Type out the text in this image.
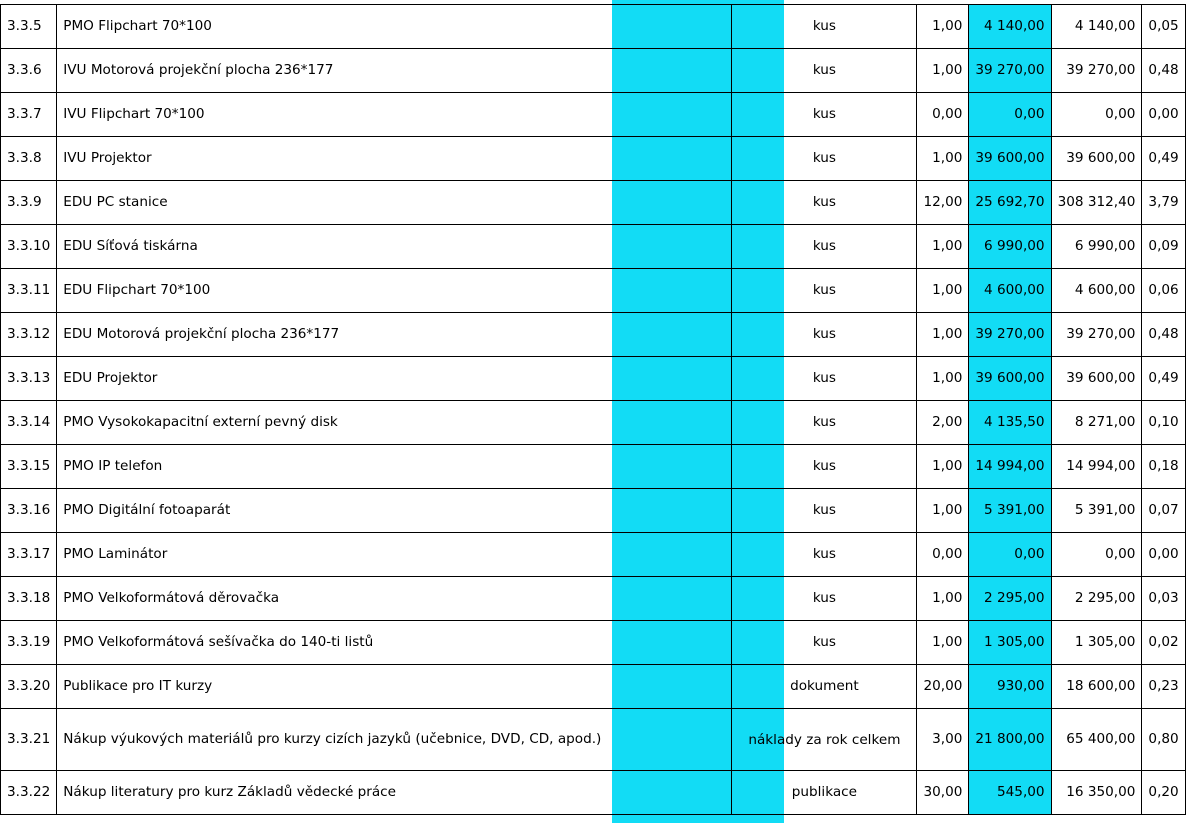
3.3.5	PMO Flipchart 70*100	kus	1,00	4 140,00	4 140,00	0,05
3.3.6	IVU Motorová projekční plocha 236*177	kus	1,00	39 270,00	39 270,00	0,48
3.3.7	IVU Flipchart 70*100	kus	0,00	0,00	0,00	0,00
3.3.8	IVU Projektor	kus	1,00	39 600,00	39 600,00	0,49
3.3.9	EDU PC stanice	kus	12,00	25 692,70	308 312,40	3,79
3.3.10	EDU Síťová tiskárna	kus	1,00	6 990,00	6 990,00	0,09
3.3.11	EDU Flipchart 70*100	kus	1,00	4 600,00	4 600,00	0,06
3.3.12	EDU Motorová projekční plocha 236*177	kus	1,00	39 270,00	39 270,00	0,48
3.3.13	EDU Projektor	kus	1,00	39 600,00	39 600,00	0,49
3.3.14	PMO Vysokokapacitní externí pevný disk	kus	2,00	4 135,50	8 271,00	0,10
3.3.15	PMO IP telefon	kus	1,00	14 994,00	14 994,00	0,18
3.3.16	PMO Digitální fotoaparát	kus	1,00	5 391,00	5 391,00	0,07
3.3.17	PMO Laminátor	kus	0,00	0,00	0,00	0,00
3.3.18	PMO Velkoformátová děrovačka	kus	1,00	2 295,00	2 295,00	0,03
3.3.19	PMO Velkoformátová sešívačka do 140-ti listů	kus	1,00	1 305,00	1 305,00	0,02
3.3.20	Publikace pro IT kurzy	dokument	20,00	930,00	18 600,00	0,23
3.3.21	Nákup výukových materiálů pro kurzy cizích jazyků (učebnice, DVD, CD, apod.)	náklady za rok celkem	3,00	21 800,00	65 400,00	0,80
3.3.22	Nákup literatury pro kurz Základů vědecké práce	publikace	30,00	545,00	16 350,00	0,20
